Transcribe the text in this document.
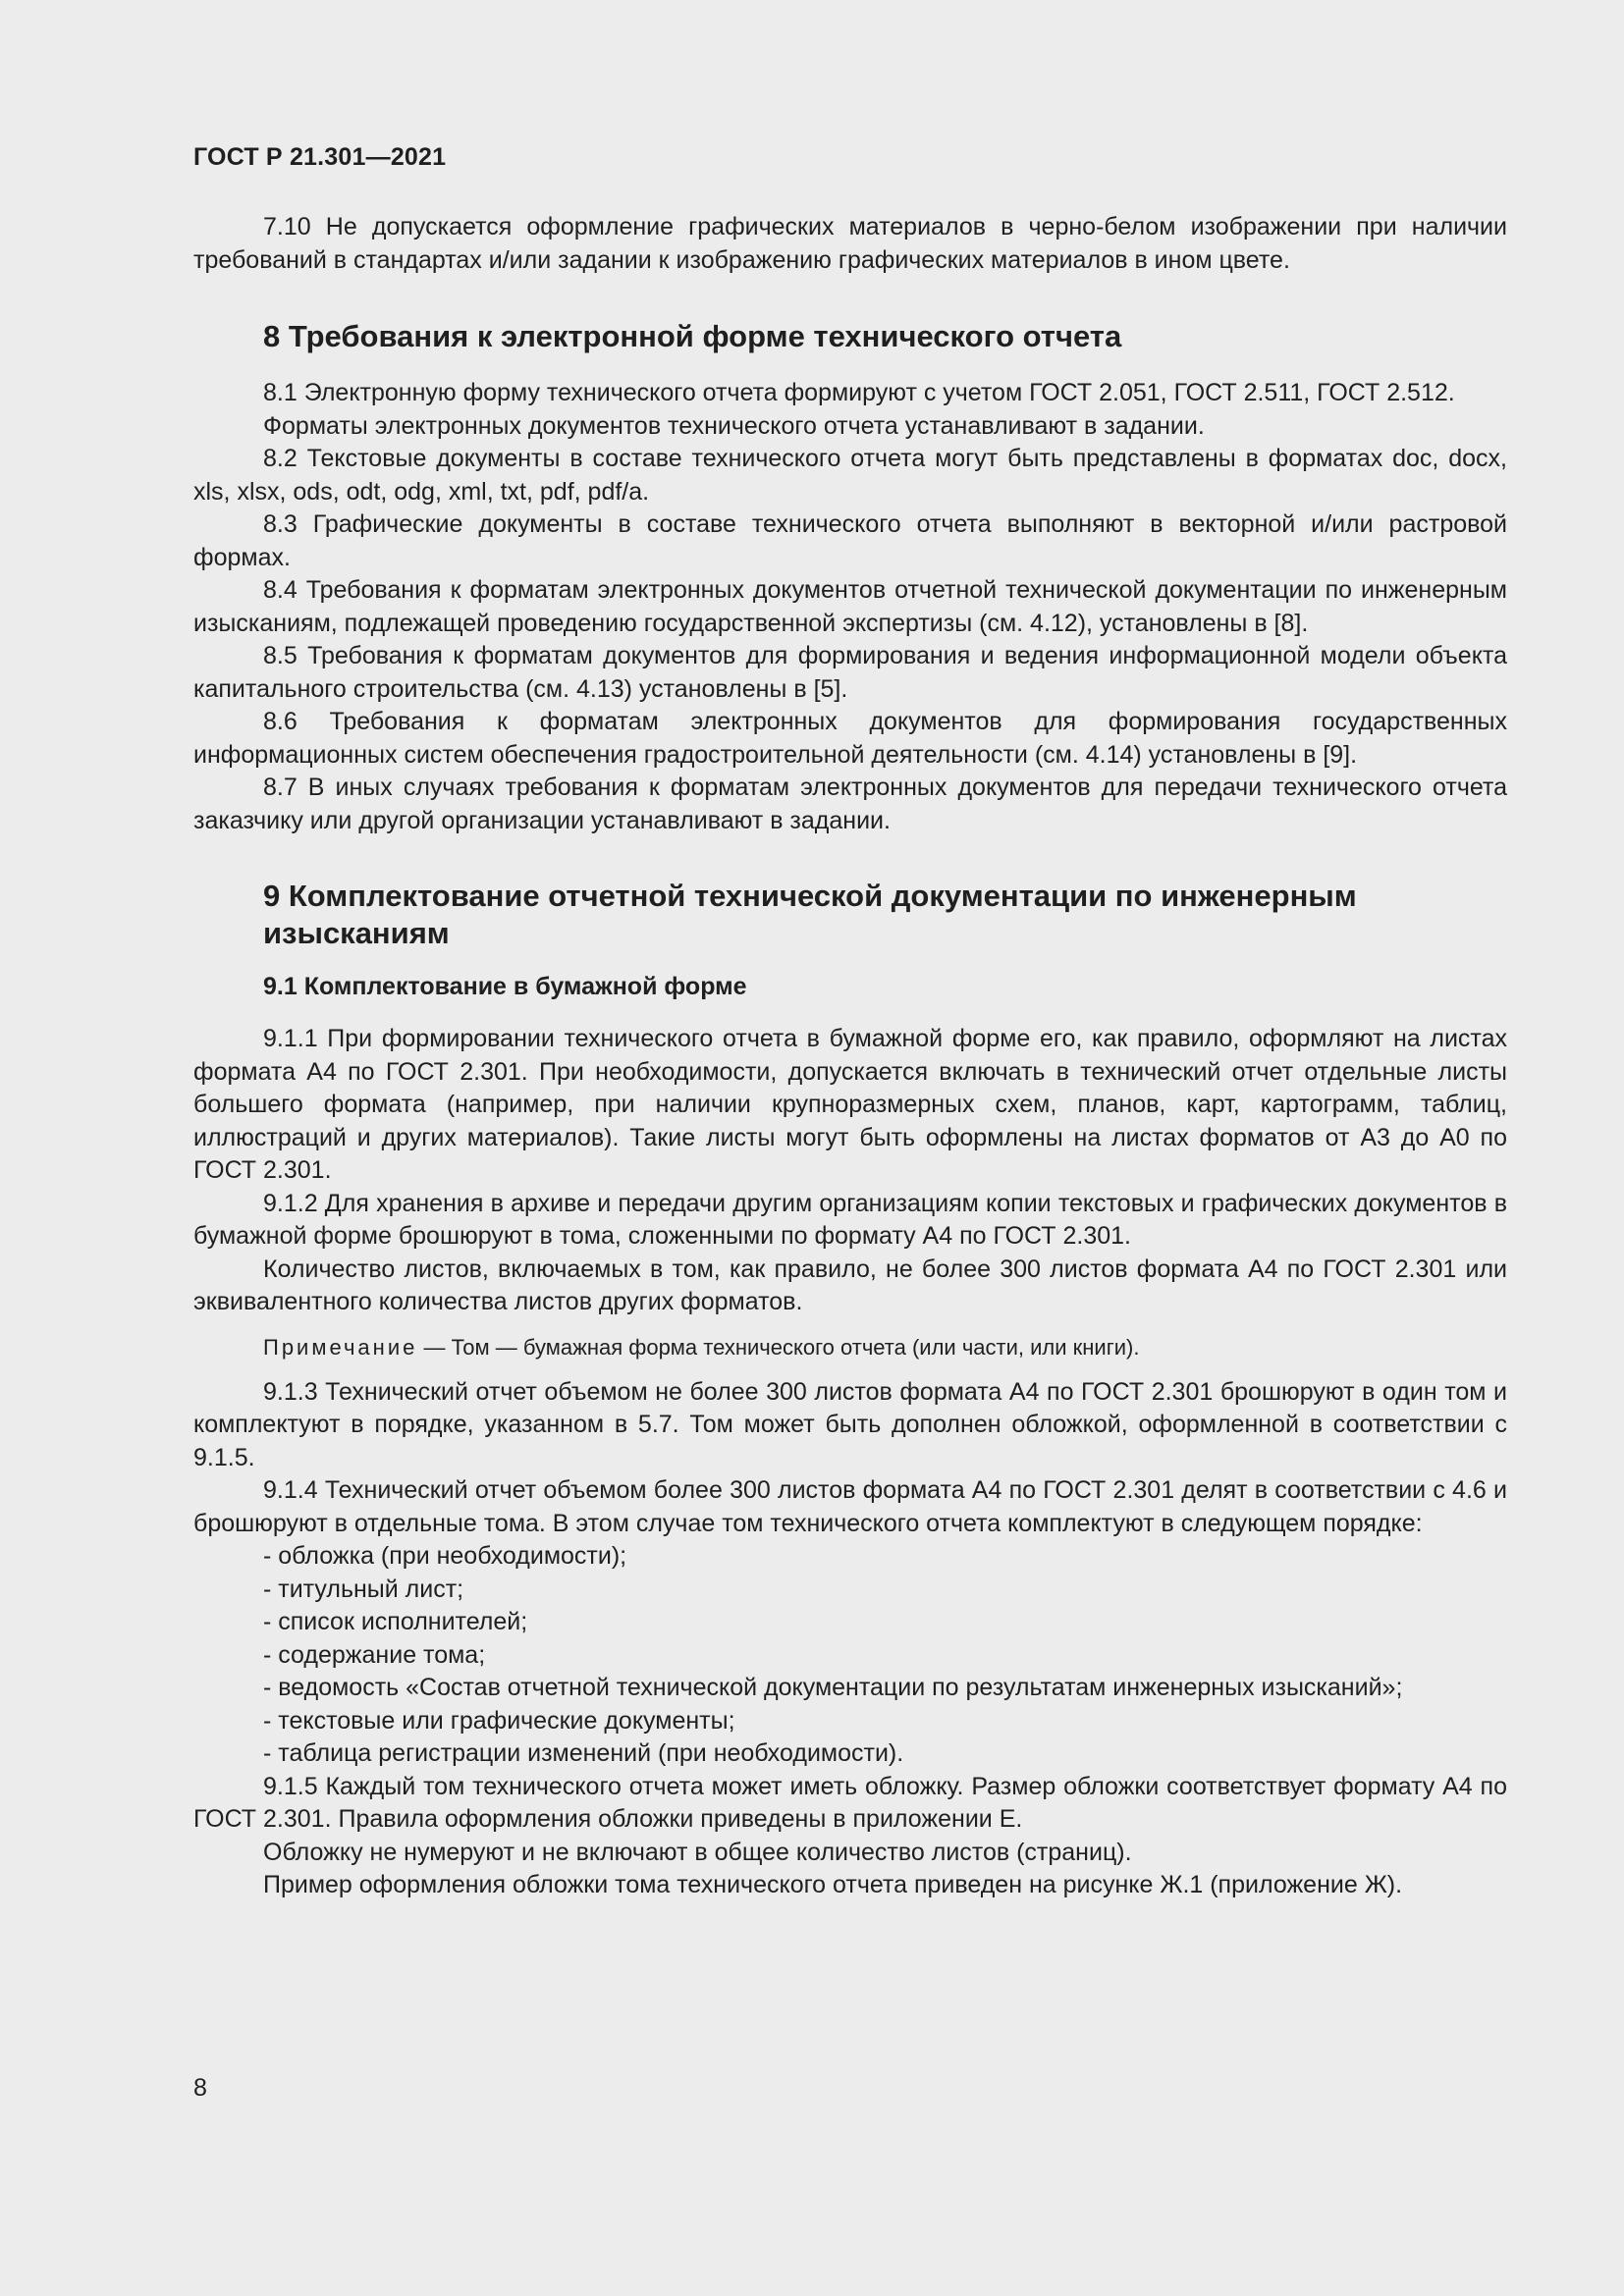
ГОСТ Р 21.301—2021

7.10 Не допускается оформление графических материалов в черно-белом изображении при наличии требований в стандартах и/или задании к изображению графических материалов в ином цвете.

8 Требования к электронной форме технического отчета

8.1 Электронную форму технического отчета формируют с учетом ГОСТ 2.051, ГОСТ 2.511, ГОСТ 2.512.

Форматы электронных документов технического отчета устанавливают в задании.

8.2 Текстовые документы в составе технического отчета могут быть представлены в форматах doc, docx, xls, xlsx, ods, odt, odg, xml, txt, pdf, pdf/a.

8.3 Графические документы в составе технического отчета выполняют в векторной и/или растровой формах.

8.4 Требования к форматам электронных документов отчетной технической документации по инженерным изысканиям, подлежащей проведению государственной экспертизы (см. 4.12), установлены в [8].

8.5 Требования к форматам документов для формирования и ведения информационной модели объекта капитального строительства (см. 4.13) установлены в [5].

8.6 Требования к форматам электронных документов для формирования государственных информационных систем обеспечения градостроительной деятельности (см. 4.14) установлены в [9].

8.7 В иных случаях требования к форматам электронных документов для передачи технического отчета заказчику или другой организации устанавливают в задании.

9 Комплектование отчетной технической документации по инженерным изысканиям
9.1 Комплектование в бумажной форме

9.1.1 При формировании технического отчета в бумажной форме его, как правило, оформляют на листах формата А4 по ГОСТ 2.301. При необходимости, допускается включать в технический отчет отдельные листы большего формата (например, при наличии крупноразмерных схем, планов, карт, картограмм, таблиц, иллюстраций и других материалов). Такие листы могут быть оформлены на листах форматов от А3 до А0 по ГОСТ 2.301.

9.1.2 Для хранения в архиве и передачи другим организациям копии текстовых и графических документов в бумажной форме брошюруют в тома, сложенными по формату А4 по ГОСТ 2.301.

Количество листов, включаемых в том, как правило, не более 300 листов формата А4 по ГОСТ 2.301 или эквивалентного количества листов других форматов.

Примечание — Том — бумажная форма технического отчета (или части, или книги).

9.1.3 Технический отчет объемом не более 300 листов формата А4 по ГОСТ 2.301 брошюруют в один том и комплектуют в порядке, указанном в 5.7. Том может быть дополнен обложкой, оформленной в соответствии с 9.1.5.

9.1.4 Технический отчет объемом более 300 листов формата А4 по ГОСТ 2.301 делят в соответствии с 4.6 и брошюруют в отдельные тома. В этом случае том технического отчета комплектуют в следующем порядке:

- обложка (при необходимости);

- титульный лист;

- список исполнителей;

- содержание тома;

- ведомость «Состав отчетной технической документации по результатам инженерных изысканий»;

- текстовые или графические документы;

- таблица регистрации изменений (при необходимости).

9.1.5 Каждый том технического отчета может иметь обложку. Размер обложки соответствует формату А4 по ГОСТ 2.301. Правила оформления обложки приведены в приложении Е.

Обложку не нумеруют и не включают в общее количество листов (страниц).

Пример оформления обложки тома технического отчета приведен на рисунке Ж.1 (приложение Ж).

8
